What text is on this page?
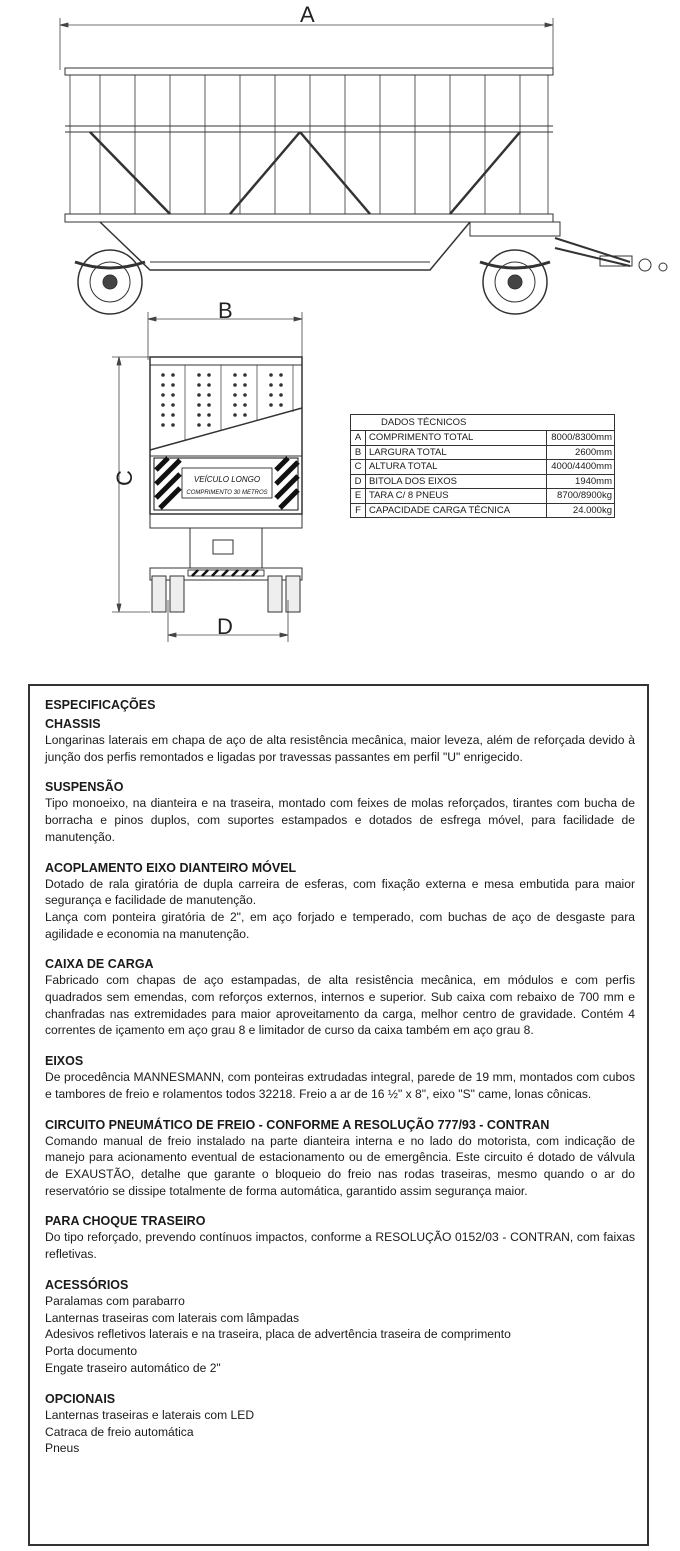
A
B
C	VEÍCULO LONGO
COMPRIMENTO 30 METROS
D
DADOS TÉCNICOS		
A	COMPRIMENTO TOTAL	8000/8300mm
B	LARGURA TOTAL	2600mm
C	ALTURA TOTAL	4000/4400mm
D	BITOLA DOS EIXOS	1940mm
E	TARA C/ 8 PNEUS	8700/8900kg
F	CAPACIDADE CARGA TÉCNICA	24.000kg
ESPECIFICAÇÕES
CHASSIS

Longarinas laterais em chapa de aço de alta resistência mecânica, maior leveza, além de reforçada devido à junção dos perfis remontados e ligadas por travessas passantes em perfil "U" enrigecido.

SUSPENSÃO

Tipo monoeixo, na dianteira e na traseira, montado com feixes de molas reforçados, tirantes com bucha de borracha e pinos duplos, com suportes estampados e dotados de esfrega móvel, para facilidade de manutenção.

ACOPLAMENTO EIXO DIANTEIRO MÓVEL

Dotado de rala giratória de dupla carreira de esferas, com fixação externa e mesa embutida para maior segurança e facilidade de manutenção.

Lança com ponteira giratória de 2", em aço forjado e temperado, com buchas de aço de desgaste para agilidade e economia na manutenção.

CAIXA DE CARGA

Fabricado com chapas de aço estampadas, de alta resistência mecânica, em módulos e com perfis quadrados sem emendas, com reforços externos, internos e superior. Sub caixa com rebaixo de 700 mm e chanfradas nas extremidades para maior aproveitamento da carga, melhor centro de gravidade. Contém 4 correntes de içamento em aço grau 8 e limitador de curso da caixa também em aço grau 8.

EIXOS

De procedência MANNESMANN, com ponteiras extrudadas integral, parede de 19 mm, montados com cubos e tambores de freio e rolamentos todos 32218. Freio a ar de 16 ½" x 8", eixo "S" came, lonas cônicas.

CIRCUITO PNEUMÁTICO DE FREIO - CONFORME A RESOLUÇÃO 777/93 - CONTRAN

Comando manual de freio instalado na parte dianteira interna e no lado do motorista, com indicação de manejo para acionamento eventual de estacionamento ou de emergência. Este circuito é dotado de válvula de EXAUSTÃO, detalhe que garante o bloqueio do freio nas rodas traseiras, mesmo quando o ar do reservatório se dissipe totalmente de forma automática, garantido assim segurança maior.

PARA CHOQUE TRASEIRO

Do tipo reforçado, prevendo contínuos impactos, conforme a RESOLUÇÃO 0152/03 - CONTRAN, com faixas refletivas.

ACESSÓRIOS
Paralamas com parabarro
Lanternas traseiras com laterais com lâmpadas
Adesivos refletivos laterais e na traseira, placa de advertência traseira de comprimento
Porta documento
Engate traseiro automático de 2"
OPCIONAIS
Lanternas traseiras e laterais com LED
Catraca de freio automática
Pneus
